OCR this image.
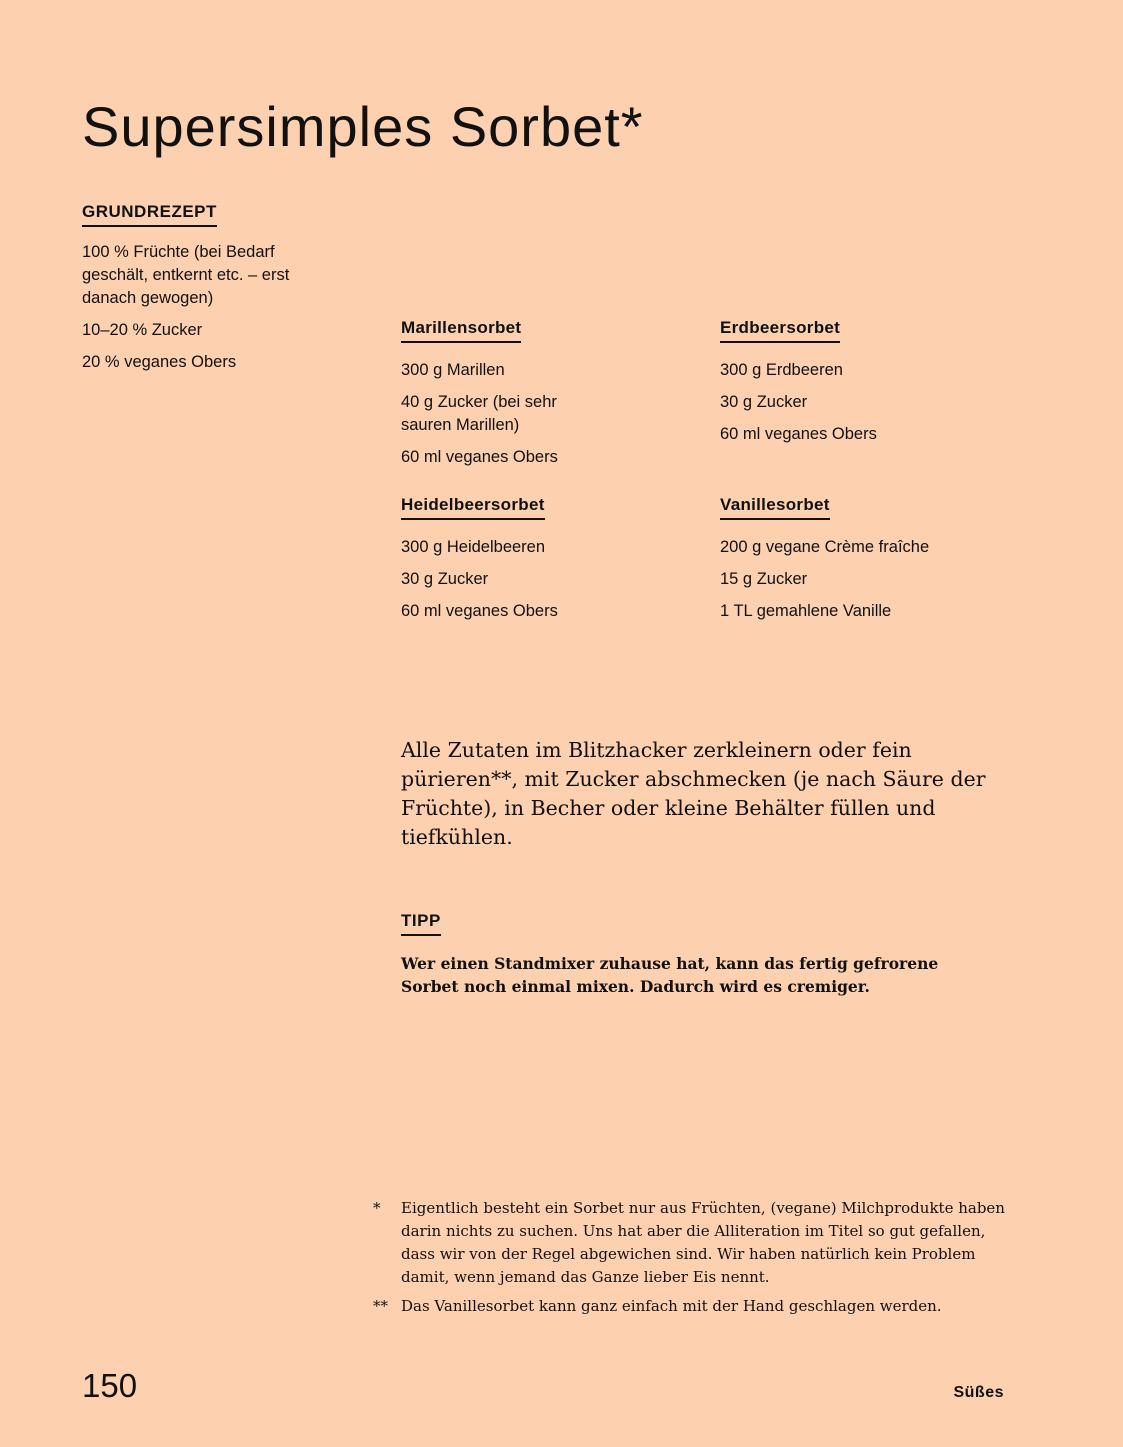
Supersimples Sorbet*
GRUNDREZEPT

100 % Früchte (bei Bedarf geschält, entkernt etc. – erst danach gewogen)

10–20 % Zucker

20 % veganes Obers

Marillensorbet

300 g Marillen

40 g Zucker (bei sehr sauren Marillen)

60 ml veganes Obers

Erdbeersorbet

300 g Erdbeeren

30 g Zucker

60 ml veganes Obers

Heidelbeersorbet

300 g Heidelbeeren

30 g Zucker

60 ml veganes Obers

Vanillesorbet

200 g vegane Crème fraîche

15 g Zucker

1 TL gemahlene Vanille

Alle Zutaten im Blitzhacker zerkleinern oder fein pürieren**, mit Zucker abschmecken (je nach Säure der Früchte), in Becher oder kleine Behälter füllen und tiefkühlen.

TIPP

Wer einen Standmixer zuhause hat, kann das fertig gefrorene Sorbet noch einmal mixen. Dadurch wird es cremiger.

*	Eigentlich besteht ein Sorbet nur aus Früchten, (vegane) Milchprodukte haben darin nichts zu suchen. Uns hat aber die Alliteration im Titel so gut gefallen, dass wir von der Regel abgewichen sind. Wir haben natürlich kein Problem damit, wenn jemand das Ganze lieber Eis nennt.
** Das Vanillesorbet kann ganz einfach mit der Hand geschlagen werden.
150	Süßes
